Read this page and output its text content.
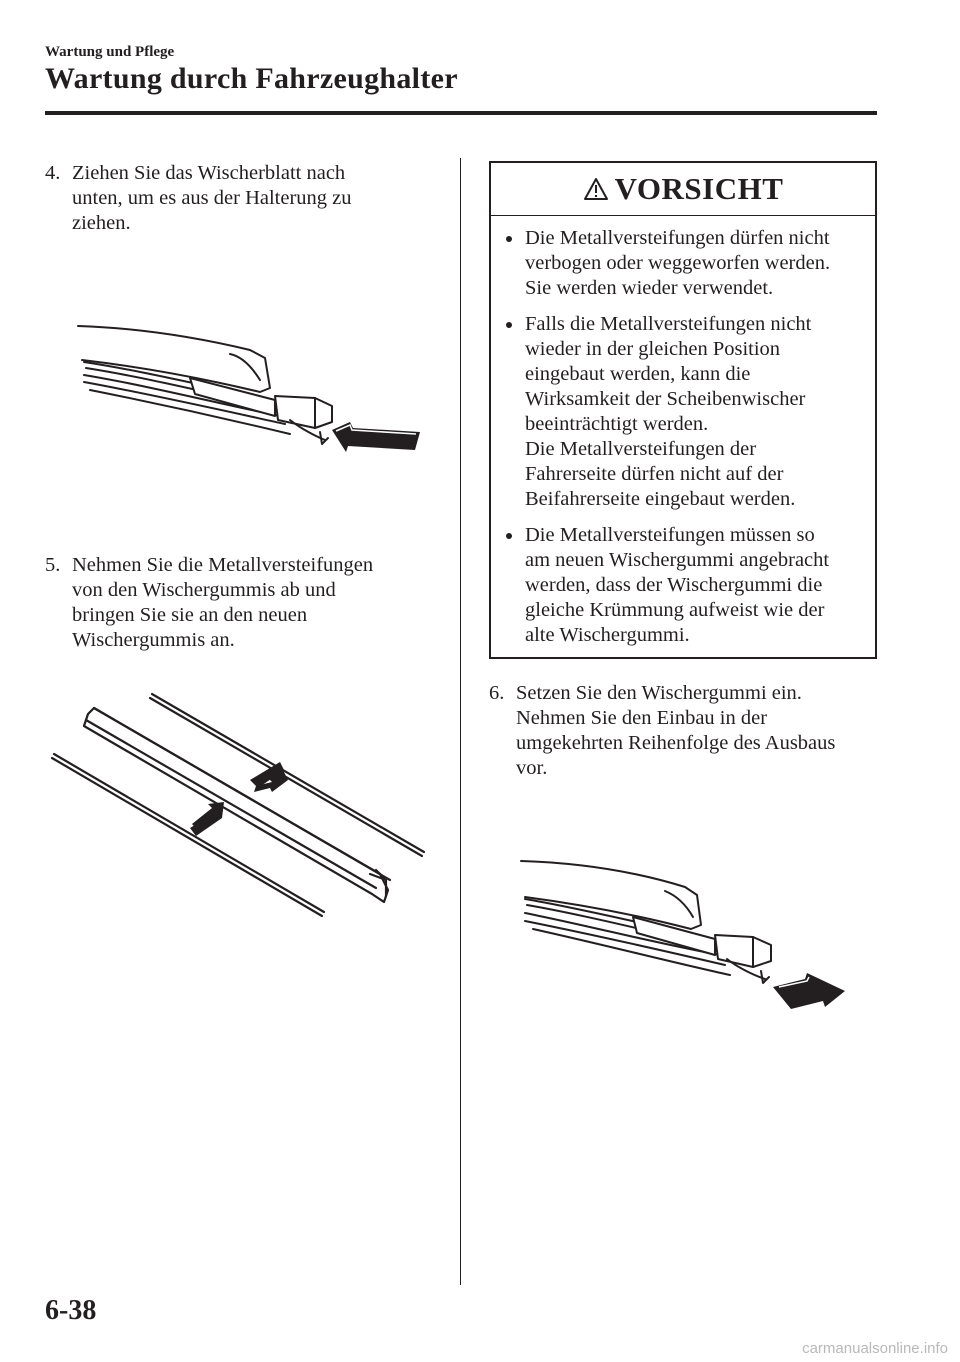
Wartung und Pflege
Wartung durch Fahrzeughalter
4. Ziehen Sie das Wischerblatt nach
unten, um es aus der Halterung zu
ziehen.
5. Nehmen Sie die Metallversteifungen
von den Wischergummis ab und
bringen Sie sie an den neuen
Wischergummis an.
VORSICHT
Die Metallversteifungen dürfen nicht
verbogen oder weggeworfen werden.
Sie werden wieder verwendet.
Falls die Metallversteifungen nicht
wieder in der gleichen Position
eingebaut werden, kann die
Wirksamkeit der Scheibenwischer
beeinträchtigt werden.
Die Metallversteifungen der
Fahrerseite dürfen nicht auf der
Beifahrerseite eingebaut werden.
Die Metallversteifungen müssen so
am neuen Wischergummi angebracht
werden, dass der Wischergummi die
gleiche Krümmung aufweist wie der
alte Wischergummi.
6. Setzen Sie den Wischergummi ein.
Nehmen Sie den Einbau in der
umgekehrten Reihenfolge des Ausbaus
vor.
6-38
carmanualsonline.info
